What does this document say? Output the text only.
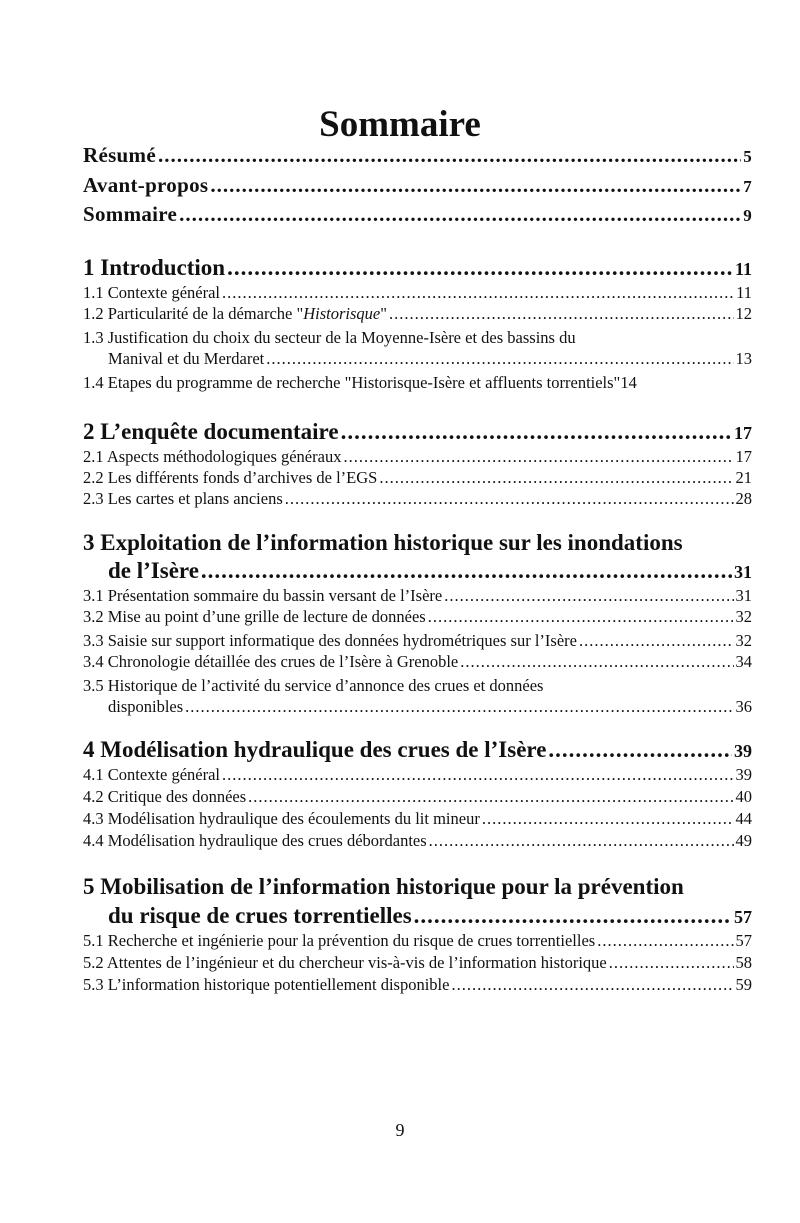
Sommaire
Résumé .....	5
Avant-propos .....	7
Sommaire .....	9
1 Introduction .....	11
1.1 Contexte général .....	11
1.2 Particularité de la démarche "Historisque" .....	12
1.3 Justification du choix du secteur de la Moyenne-Isère et des bassins du
Manival et du Merdaret .....	13
1.4 Etapes du programme de recherche "Historisque-Isère et affluents torrentiels" 14
2 L’enquête documentaire .....	17
2.1 Aspects méthodologiques généraux .....	17
2.2 Les différents fonds d’archives de l’EGS .....	21
2.3 Les cartes et plans anciens .....	28
3 Exploitation de l’information historique sur les inondations
de l’Isère .....	31
3.1 Présentation sommaire du bassin versant de l’Isère .....	31
3.2 Mise au point d’une grille de lecture de données .....	32
3.3 Saisie sur support informatique des données hydrométriques sur l’Isère .....	32
3.4 Chronologie détaillée des crues de l’Isère à Grenoble .....	34
3.5 Historique de l’activité du service d’annonce des crues et données
disponibles .....	36
4 Modélisation hydraulique des crues de l’Isère .....	39
4.1 Contexte général .....	39
4.2 Critique des données .....	40
4.3 Modélisation hydraulique des écoulements du lit mineur .....	44
4.4 Modélisation hydraulique des crues débordantes .....	49
5 Mobilisation de l’information historique pour la prévention
du risque de crues torrentielles .....	57
5.1 Recherche et ingénierie pour la prévention du risque de crues torrentielles .....	57
5.2 Attentes de l’ingénieur et du chercheur vis-à-vis de l’information historique .....	58
5.3 L’information historique potentiellement disponible .....	59
9
